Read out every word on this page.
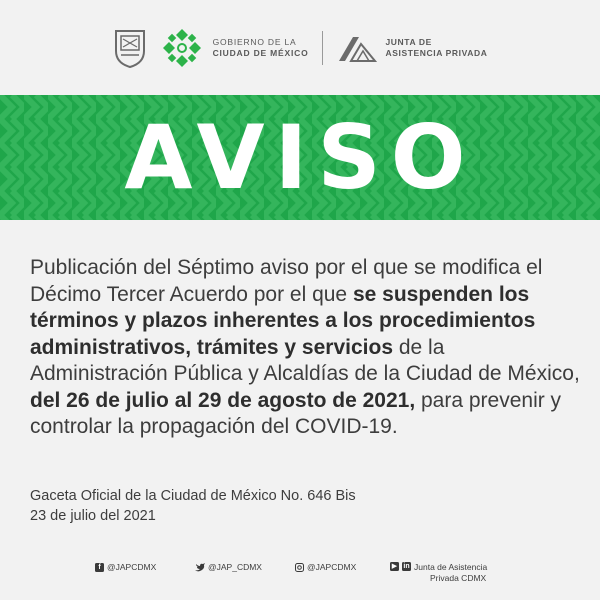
GOBIERNO DE LA
CIUDAD DE MÉXICO
JUNTA DE
ASISTENCIA PRIVADA
AVISO
Publicación del Séptimo aviso por el que se modifica el Décimo Tercer Acuerdo por el que se suspenden los términos y plazos inherentes a los procedimientos administrativos, trámites y servicios de la Administración Pública y Alcaldías de la Ciudad de México, del 26 de julio al 29 de agosto de 2021, para prevenir y controlar la propagación del COVID-19.
Gaceta Oficial de la Ciudad de México No. 646 Bis
23 de julio del 2021
f @JAPCDMX	@JAP_CDMX	@JAPCDMX	▶ in Junta de Asistencia
Privada CDMX
